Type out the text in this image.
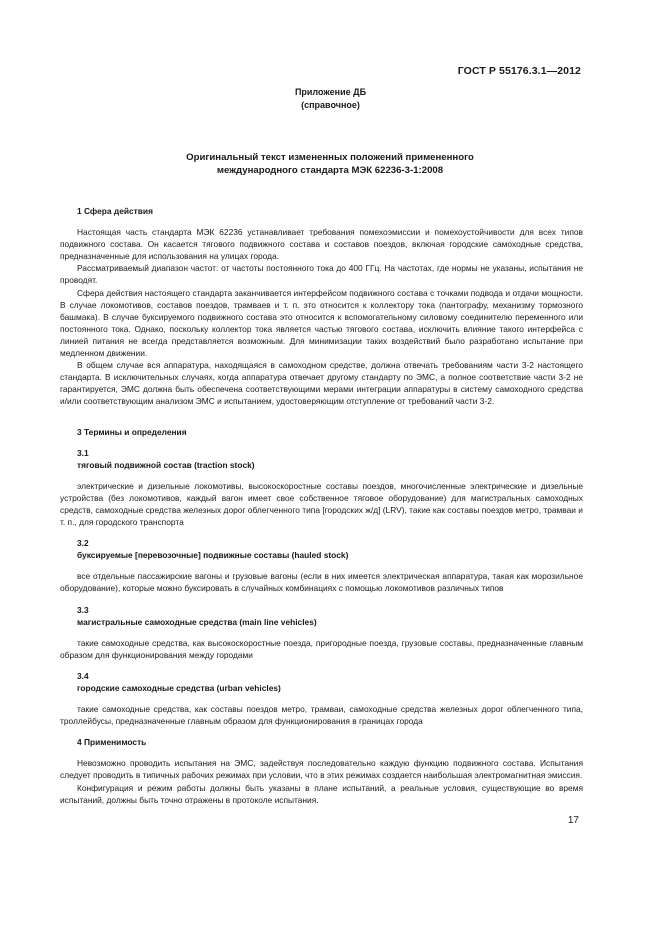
ГОСТ Р 55176.3.1—2012
Приложение ДБ
(справочное)
Оригинальный текст измененных положений примененного
международного стандарта МЭК 62236-3-1:2008
1 Сфера действия

Настоящая часть стандарта МЭК 62236 устанавливает требования помехоэмиссии и помехоустойчивости для всех типов подвижного состава. Он касается тягового подвижного состава и составов поездов, включая городские самоходные средства, предназначенные для использования на улицах города.

Рассматриваемый диапазон частот: от частоты постоянного тока до 400 ГГц. На частотах, где нормы не указаны, испытания не проводят.

Сфера действия настоящего стандарта заканчивается интерфейсом подвижного состава с точками подвода и отдачи мощности. В случае локомотивов, составов поездов, трамваев и т. п. это относится к коллектору тока (пантографу, механизму тормозного башмака). В случае буксируемого подвижного состава это относится к вспомогательному силовому соединителю переменного или постоянного тока. Однако, поскольку коллектор тока является частью тягового состава, исключить влияние такого интерфейса с линией питания не всегда представляется возможным. Для минимизации таких воздействий было разработано испытание при медленном движении.

В общем случае вся аппаратура, находящаяся в самоходном средстве, должна отвечать требованиям части 3-2 настоящего стандарта. В исключительных случаях, когда аппаратура отвечает другому стандарту по ЭМС, а полное соответствие части 3-2 не гарантируется, ЭМС должна быть обеспечена соответствующими мерами интеграции аппаратуры в систему самоходного средства и/или соответствующим анализом ЭМС и испытанием, удостоверяющим отступление от требований части 3-2.

3 Термины и определения

3.1

тяговый подвижной состав (traction stock)

электрические и дизельные локомотивы, высокоскоростные составы поездов, многочисленные электрические и дизельные устройства (без локомотивов, каждый вагон имеет свое собственное тяговое оборудование) для магистральных самоходных средств, самоходные средства железных дорог облегченного типа [городских ж/д] (LRV), такие как составы поездов метро, трамваи и т. п., для городского транспорта

3.2

буксируемые [перевозочные] подвижные составы (hauled stock)

все отдельные пассажирские вагоны и грузовые вагоны (если в них имеется электрическая аппаратура, такая как морозильное оборудование), которые можно буксировать в случайных комбинациях с помощью локомотивов различных типов

3.3

магистральные самоходные средства (main line vehicles)

такие самоходные средства, как высокоскоростные поезда, пригородные поезда, грузовые составы, предназначенные главным образом для функционирования между городами

3.4

городские самоходные средства (urban vehicles)

такие самоходные средства, как составы поездов метро, трамваи, самоходные средства железных дорог облегченного типа, троллейбусы, предназначенные главным образом для функционирования в границах города

4 Применимость

Невозможно проводить испытания на ЭМС, задействуя последовательно каждую функцию подвижного состава. Испытания следует проводить в типичных рабочих режимах при условии, что в этих режимах создается наибольшая электромагнитная эмиссия.

Конфигурация и режим работы должны быть указаны в плане испытаний, а реальные условия, существующие во время испытаний, должны быть точно отражены в протоколе испытания.

17
